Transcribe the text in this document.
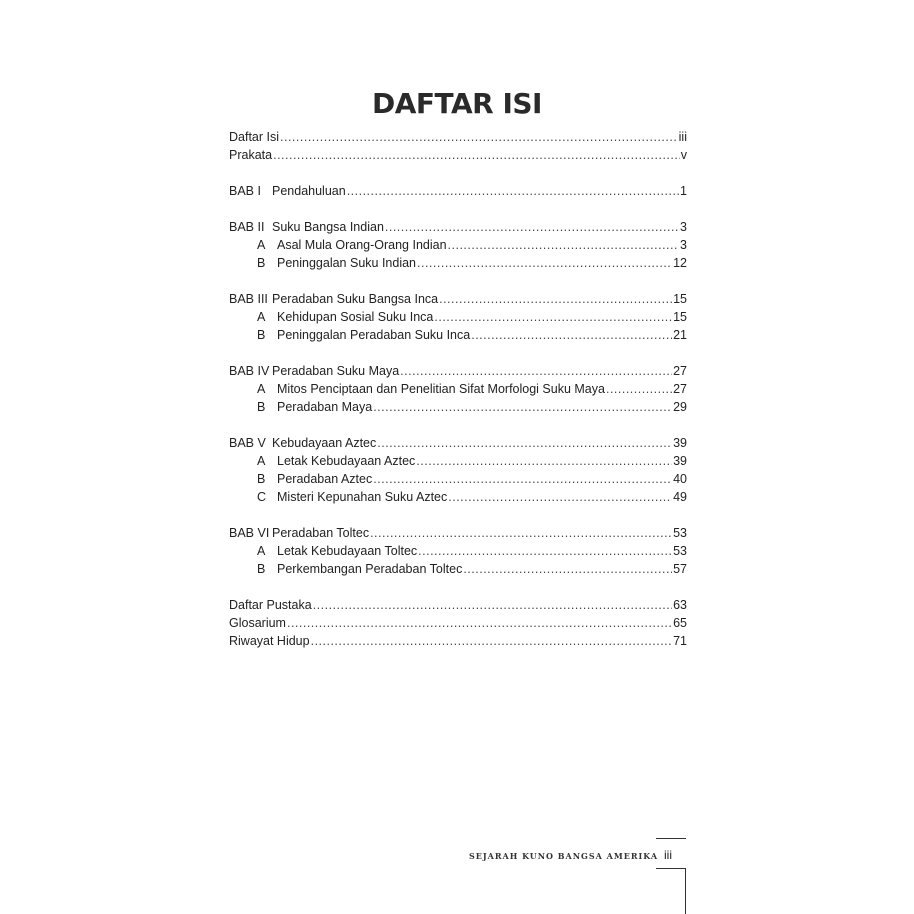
DAFTAR ISI
Daftar Isi .....	iii
Prakata .....	v
BAB I Pendahuluan .....	1
BAB II Suku Bangsa Indian .....	3
A Asal Mula Orang-Orang Indian .....	3
B Peninggalan Suku Indian .....	12
BAB III Peradaban Suku Bangsa Inca .....	15
A Kehidupan Sosial Suku Inca .....	15
B Peninggalan Peradaban Suku Inca .....	21
BAB IV Peradaban Suku Maya .....	27
A Mitos Penciptaan dan Penelitian Sifat Morfologi Suku Maya .....	27
B Peradaban Maya .....	29
BAB V Kebudayaan Aztec .....	39
A Letak Kebudayaan Aztec .....	39
B Peradaban Aztec .....	40
C Misteri Kepunahan Suku Aztec .....	49
BAB VI Peradaban Toltec .....	53
A Letak Kebudayaan Toltec .....	53
B Perkembangan Peradaban Toltec .....	57
Daftar Pustaka .....	63
Glosarium .....	65
Riwayat Hidup .....	71
SEJARAH KUNO BANGSA AMERIKA iii
